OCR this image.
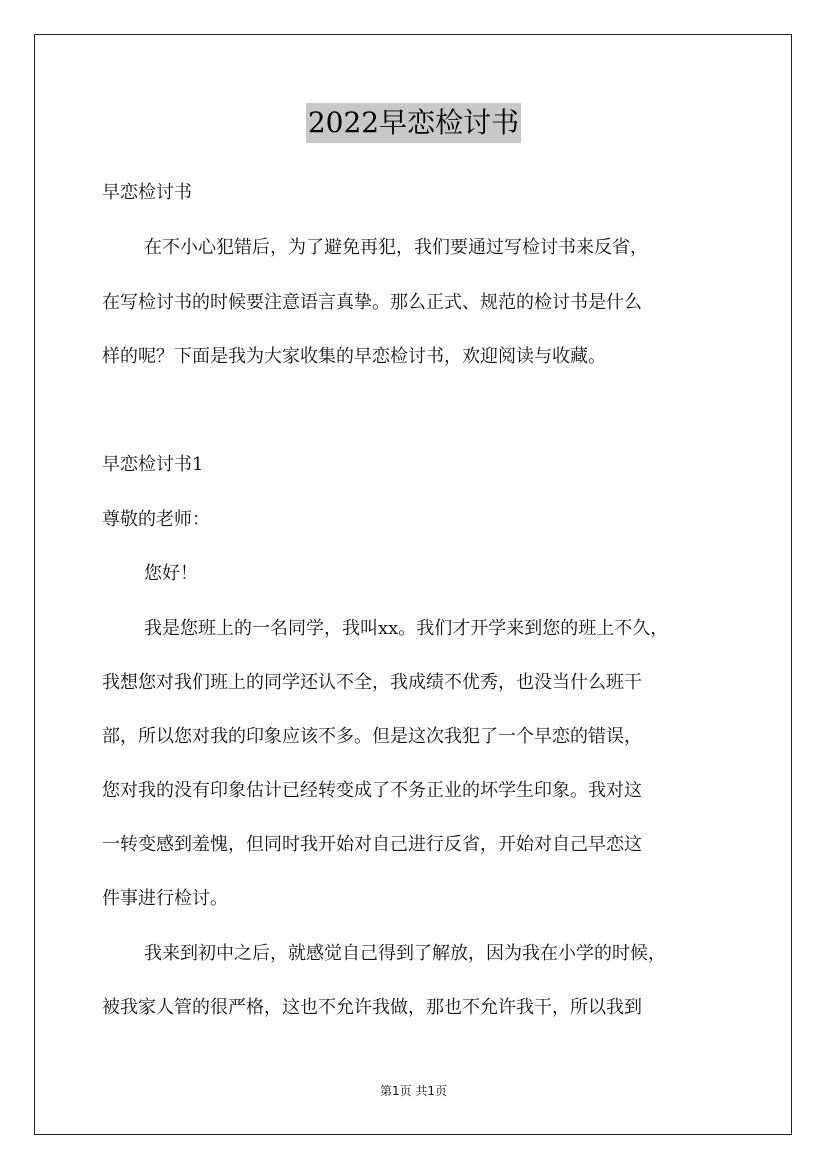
2022早恋检讨书
早恋检讨书
在不小心犯错后，为了避免再犯，我们要通过写检讨书来反省，
在写检讨书的时候要注意语言真挚。那么正式、规范的检讨书是什么
样的呢？下面是我为大家收集的早恋检讨书，欢迎阅读与收藏。
早恋检讨书1
尊敬的老师：
您好！
我是您班上的一名同学，我叫xx。我们才开学来到您的班上不久，
我想您对我们班上的同学还认不全，我成绩不优秀，也没当什么班干
部，所以您对我的印象应该不多。但是这次我犯了一个早恋的错误，
您对我的没有印象估计已经转变成了不务正业的坏学生印象。我对这
一转变感到羞愧，但同时我开始对自己进行反省，开始对自己早恋这
件事进行检讨。
我来到初中之后，就感觉自己得到了解放，因为我在小学的时候，
被我家人管的很严格，这也不允许我做，那也不允许我干，所以我到
第1页 共1页
